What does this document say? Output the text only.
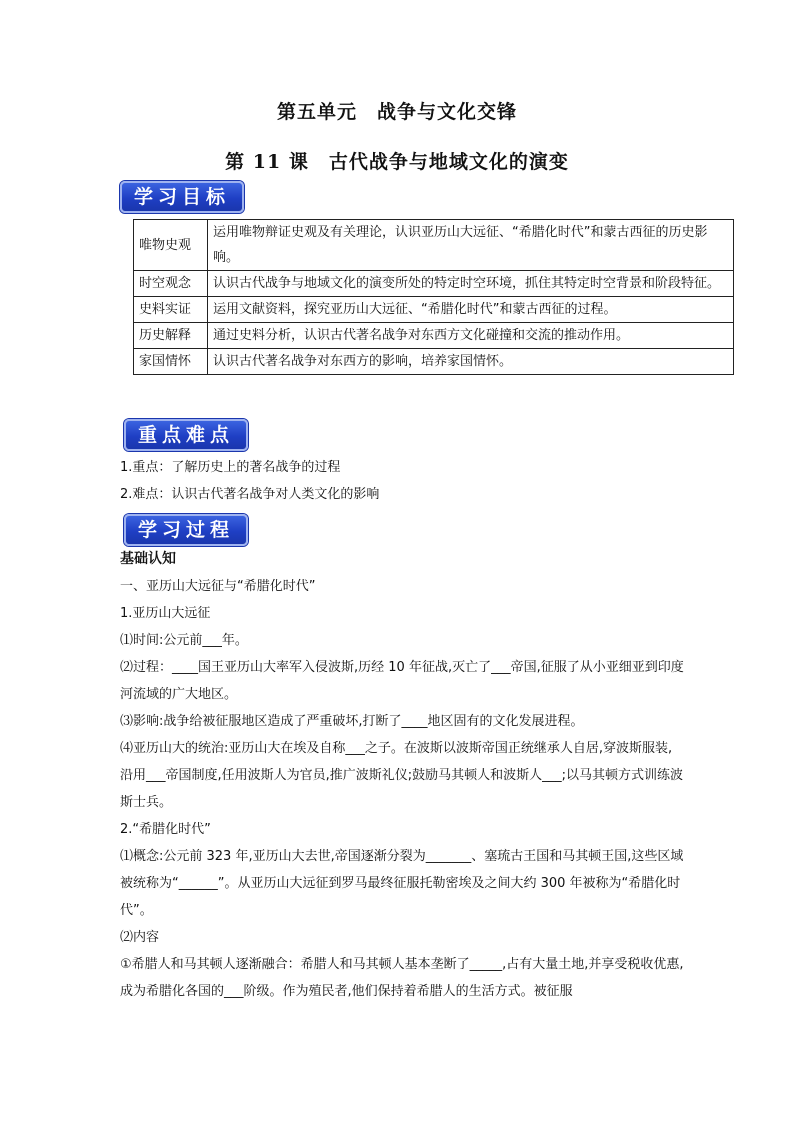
第五单元　战争与文化交锋
第 11 课　古代战争与地域文化的演变
学习目标
唯物史观	运用唯物辩证史观及有关理论，认识亚历山大远征、“希腊化时代”和蒙古西征的历史影响。
时空观念	认识古代战争与地域文化的演变所处的特定时空环境，抓住其特定时空背景和阶段特征。
史料实证	运用文献资料，探究亚历山大远征、“希腊化时代”和蒙古西征的过程。
历史解释	通过史料分析，认识古代著名战争对东西方文化碰撞和交流的推动作用。
家国情怀	认识古代著名战争对东西方的影响，培养家国情怀。
重点难点

1.重点：了解历史上的著名战争的过程

2.难点：认识古代著名战争对人类文化的影响

学习过程

基础认知

一、亚历山大远征与“希腊化时代”

1.亚历山大远征

⑴时间:公元前___年。

⑵过程：____国王亚历山大率军入侵波斯,历经 10 年征战,灭亡了___帝国,征服了从小亚细亚到印度河流域的广大地区。

⑶影响:战争给被征服地区造成了严重破坏,打断了____地区固有的文化发展进程。

⑷亚历山大的统治:亚历山大在埃及自称___之子。在波斯以波斯帝国正统继承人自居,穿波斯服装,沿用___帝国制度,任用波斯人为官员,推广波斯礼仪;鼓励马其顿人和波斯人___;以马其顿方式训练波斯士兵。

2.“希腊化时代”

⑴概念:公元前 323 年,亚历山大去世,帝国逐渐分裂为_______、塞琉古王国和马其顿王国,这些区域被统称为“______”。从亚历山大远征到罗马最终征服托勒密埃及之间大约 300 年被称为“希腊化时代”。

⑵内容

①希腊人和马其顿人逐渐融合：希腊人和马其顿人基本垄断了_____,占有大量土地,并享受税收优惠,成为希腊化各国的___阶级。作为殖民者,他们保持着希腊人的生活方式。被征服
